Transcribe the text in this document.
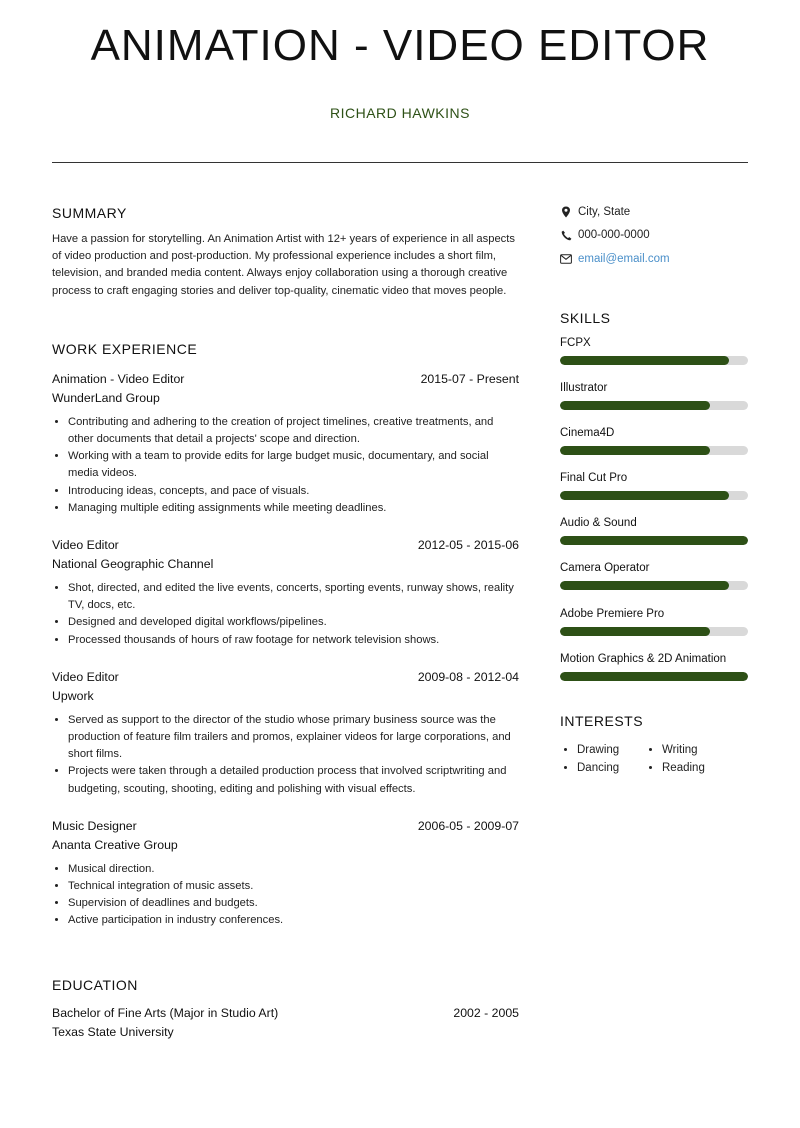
ANIMATION - VIDEO EDITOR
RICHARD HAWKINS
SUMMARY

Have a passion for storytelling. An Animation Artist with 12+ years of experience in all aspects of video production and post-production. My professional experience includes a short film, television, and branded media content. Always enjoy collaboration using a thorough creative process to craft engaging stories and deliver top-quality, cinematic video that moves people.

WORK EXPERIENCE
Animation - Video Editor	2015-07 - Present
WunderLand Group
• Contributing and adhering to the creation of project timelines, creative treatments, and other documents that detail a projects' scope and direction.
• Working with a team to provide edits for large budget music, documentary, and social media videos.
• Introducing ideas, concepts, and pace of visuals.
• Managing multiple editing assignments while meeting deadlines.
Video Editor	2012-05 - 2015-06
National Geographic Channel
• Shot, directed, and edited the live events, concerts, sporting events, runway shows, reality TV, docs, etc.
• Designed and developed digital workflows/pipelines.
• Processed thousands of hours of raw footage for network television shows.
Video Editor	2009-08 - 2012-04
Upwork
• Served as support to the director of the studio whose primary business source was the production of feature film trailers and promos, explainer videos for large corporations, and short films.
• Projects were taken through a detailed production process that involved scriptwriting and budgeting, scouting, shooting, editing and polishing with visual effects.
Music Designer	2006-05 - 2009-07
Ananta Creative Group
• Musical direction.
• Technical integration of music assets.
• Supervision of deadlines and budgets.
• Active participation in industry conferences.
EDUCATION
Bachelor of Fine Arts (Major in Studio Art)	2002 - 2005
Texas State University
City, State
000-000-0000
email@email.com
SKILLS
FCPX
Illustrator
Cinema4D
Final Cut Pro
Audio & Sound
Camera Operator
Adobe Premiere Pro
Motion Graphics & 2D Animation
INTERESTS
• Drawing
• Dancing
• Writing
• Reading
